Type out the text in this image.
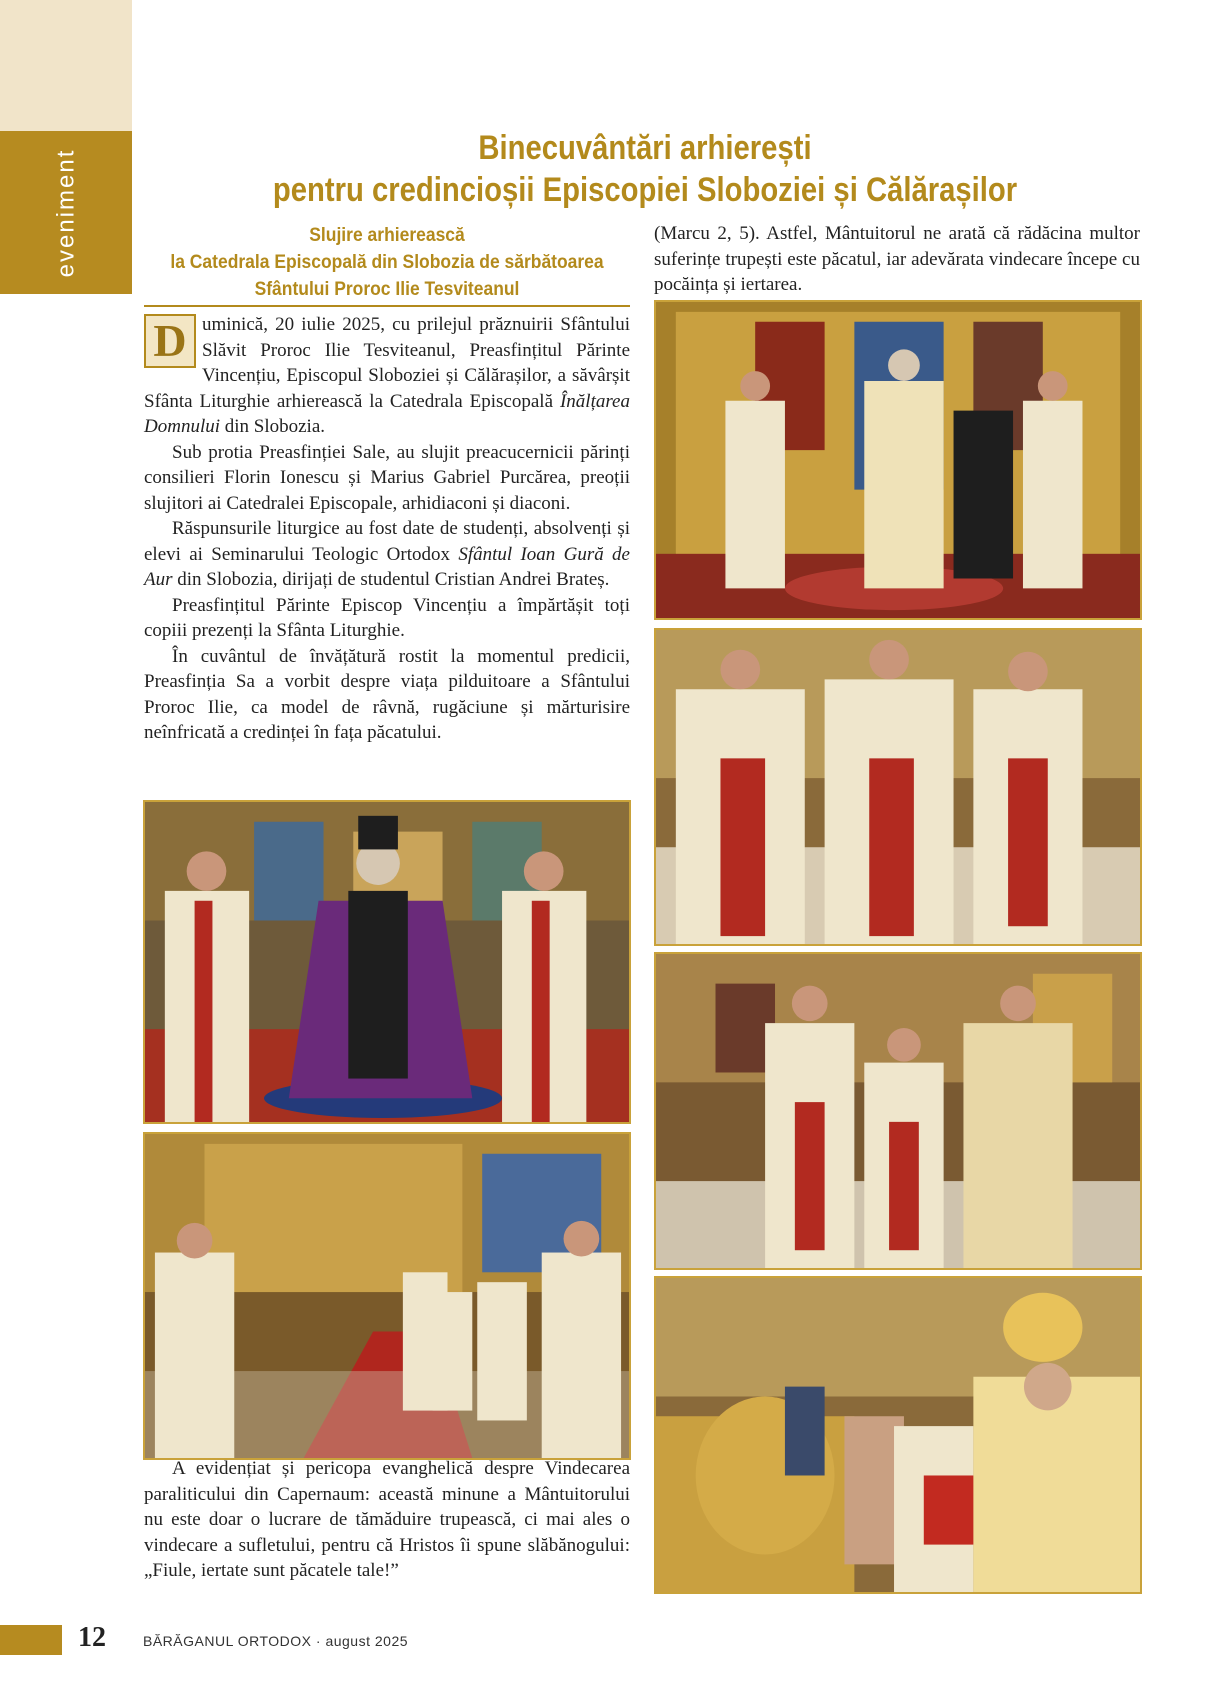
eveniment
Binecuvântări arhierești
pentru credincioșii Episcopiei Sloboziei și Călărașilor
Slujire arhierească
la Catedrala Episcopală din Slobozia de sărbătoarea
Sfântului Proroc Ilie Tesviteanul

D uminică, 20 iulie 2025, cu prilejul prăznuirii Sfântului Slăvit Proroc Ilie Tesviteanul, Preasfințitul Părinte Vincențiu, Episcopul Sloboziei și Călărașilor, a săvârșit Sfânta Liturghie arhierească la Catedrala Episcopală Înălțarea Domnului din Slobozia.

Sub protia Preasfinției Sale, au slujit preacucernicii părinți consilieri Florin Ionescu și Marius Gabriel Purcărea, preoții slujitori ai Catedralei Episcopale, arhidiaconi și diaconi.

Răspunsurile liturgice au fost date de studenți, absolvenți și elevi ai Seminarului Teologic Ortodox Sfântul Ioan Gură de Aur din Slobozia, dirijați de studentul Cristian Andrei Brateș.

Preasfințitul Părinte Episcop Vincențiu a împărtășit toți copiii prezenți la Sfânta Liturghie.

În cuvântul de învățătură rostit la momentul predicii, Preasfinția Sa a vorbit despre viața pilduitoare a Sfântului Proroc Ilie, ca model de râvnă, rugăciune și mărturisire neînfricată a credinței în fața păcatului.

A evidențiat și pericopa evanghelică despre Vindecarea paraliticului din Capernaum: această minune a Mântuitorului nu este doar o lucrare de tămăduire trupească, ci mai ales o vindecare a sufletului, pentru că Hristos îi spune slăbănogului: „Fiule, iertate sunt păcatele tale!”

(Marcu 2, 5). Astfel, Mântuitorul ne arată că rădăcina multor suferințe trupești este păcatul, iar adevărata vindecare începe cu pocăința și iertarea.

12	BĂRĂGANUL ORTODOX · august 2025
